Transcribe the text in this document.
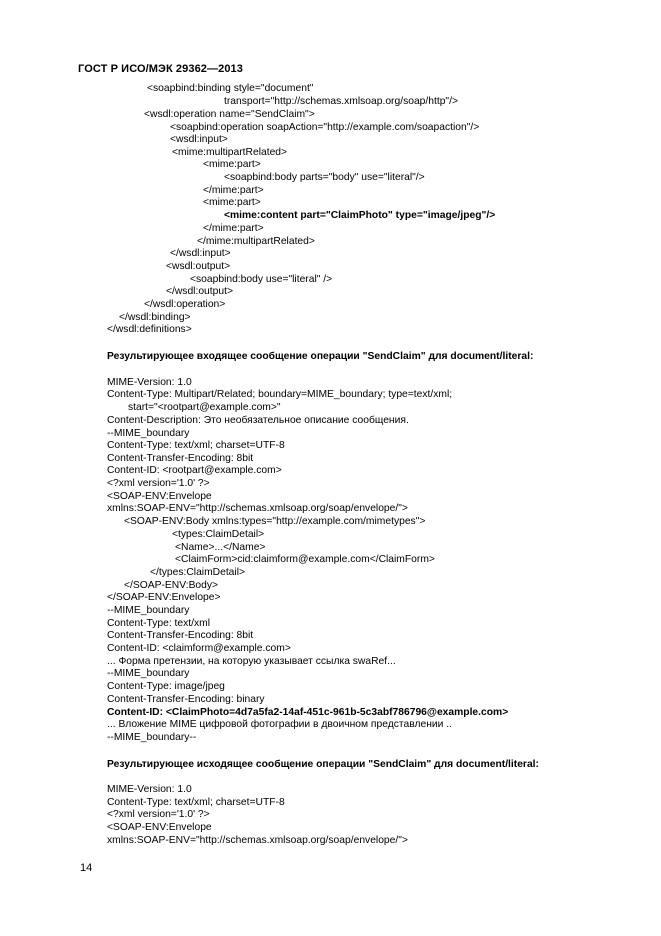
ГОСТ Р ИСО/МЭК 29362—2013
<soapbind:binding style="document"
transport="http://schemas.xmlsoap.org/soap/http"/>
<wsdl:operation name="SendClaim">
<soapbind:operation soapAction="http://example.com/soapaction"/>
<wsdl:input>
<mime:multipartRelated>
<mime:part>
<soapbind:body parts="body" use="literal"/>
</mime:part>
<mime:part>
<mime:content part="ClaimPhoto" type="image/jpeg"/>
</mime:part>
</mime:multipartRelated>
</wsdl:input>
<wsdl:output>
<soapbind:body use="literal" />
</wsdl:output>
</wsdl:operation>
</wsdl:binding>
</wsdl:definitions>
Результирующее входящее сообщение операции "SendClaim" для document/literal:
MIME-Version: 1.0
Content-Type: Multipart/Related; boundary=MIME_boundary; type=text/xml;
start="<rootpart@example.com>"
Content-Description: Это необязательное описание сообщения.
--MIME_boundary
Content-Type: text/xml; charset=UTF-8
Content-Transfer-Encoding: 8bit
Content-ID: <rootpart@example.com>
<?xml version='1.0' ?>
<SOAP-ENV:Envelope
xmlns:SOAP-ENV="http://schemas.xmlsoap.org/soap/envelope/">
<SOAP-ENV:Body xmlns:types="http://example.com/mimetypes">
<types:ClaimDetail>
<Name>...</Name>
<ClaimForm>cid:claimform@example.com</ClaimForm>
</types:ClaimDetail>
</SOAP-ENV:Body>
</SOAP-ENV:Envelope>
--MIME_boundary
Content-Type: text/xml
Content-Transfer-Encoding: 8bit
Content-ID: <claimform@example.com>
... Форма претензии, на которую указывает ссылка swaRef...
--MIME_boundary
Content-Type: image/jpeg
Content-Transfer-Encoding: binary
Content-ID: <ClaimPhoto=4d7a5fa2-14af-451c-961b-5c3abf786796@example.com>
... Вложение MIME цифровой фотографии в двоичном представлении ..
--MIME_boundary--
Результирующее исходящее сообщение операции "SendClaim" для document/literal:
MIME-Version: 1.0
Content-Type: text/xml; charset=UTF-8
<?xml version='1.0' ?>
<SOAP-ENV:Envelope
xmlns:SOAP-ENV="http://schemas.xmlsoap.org/soap/envelope/">
14
